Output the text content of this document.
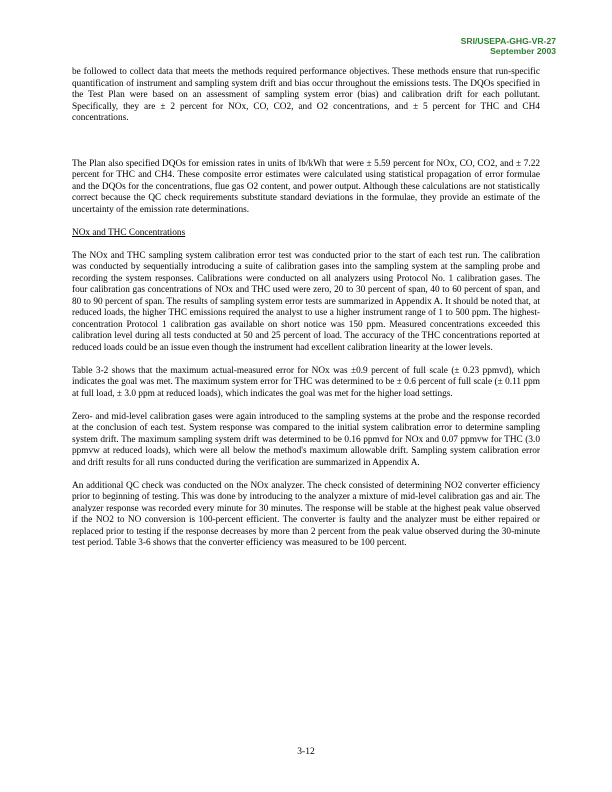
SRI/USEPA-GHG-VR-27
September 2003

be followed to collect data that meets the methods required performance objectives. These methods ensure that run-specific quantification of instrument and sampling system drift and bias occur throughout the emissions tests. The DQOs specified in the Test Plan were based on an assessment of sampling system error (bias) and calibration drift for each pollutant. Specifically, they are ± 2 percent for NOx, CO, CO2, and O2 concentrations, and ± 5 percent for THC and CH4 concentrations.

The Plan also specified DQOs for emission rates in units of lb/kWh that were ± 5.59 percent for NOx, CO, CO2, and ± 7.22 percent for THC and CH4. These composite error estimates were calculated using statistical propagation of error formulae and the DQOs for the concentrations, flue gas O2 content, and power output. Although these calculations are not statistically correct because the QC check requirements substitute standard deviations in the formulae, they provide an estimate of the uncertainty of the emission rate determinations.

NOx and THC Concentrations

The NOx and THC sampling system calibration error test was conducted prior to the start of each test run. The calibration was conducted by sequentially introducing a suite of calibration gases into the sampling system at the sampling probe and recording the system responses. Calibrations were conducted on all analyzers using Protocol No. 1 calibration gases. The four calibration gas concentrations of NOx and THC used were zero, 20 to 30 percent of span, 40 to 60 percent of span, and 80 to 90 percent of span. The results of sampling system error tests are summarized in Appendix A. It should be noted that, at reduced loads, the higher THC emissions required the analyst to use a higher instrument range of 1 to 500 ppm. The highest-concentration Protocol 1 calibration gas available on short notice was 150 ppm. Measured concentrations exceeded this calibration level during all tests conducted at 50 and 25 percent of load. The accuracy of the THC concentrations reported at reduced loads could be an issue even though the instrument had excellent calibration linearity at the lower levels.

Table 3-2 shows that the maximum actual-measured error for NOx was ±0.9 percent of full scale (± 0.23 ppmvd), which indicates the goal was met. The maximum system error for THC was determined to be ± 0.6 percent of full scale (± 0.11 ppm at full load, ± 3.0 ppm at reduced loads), which indicates the goal was met for the higher load settings.

Zero- and mid-level calibration gases were again introduced to the sampling systems at the probe and the response recorded at the conclusion of each test. System response was compared to the initial system calibration error to determine sampling system drift. The maximum sampling system drift was determined to be 0.16 ppmvd for NOx and 0.07 ppmvw for THC (3.0 ppmvw at reduced loads), which were all below the method's maximum allowable drift. Sampling system calibration error and drift results for all runs conducted during the verification are summarized in Appendix A.

An additional QC check was conducted on the NOx analyzer. The check consisted of determining NO2 converter efficiency prior to beginning of testing. This was done by introducing to the analyzer a mixture of mid-level calibration gas and air. The analyzer response was recorded every minute for 30 minutes. The response will be stable at the highest peak value observed if the NO2 to NO conversion is 100-percent efficient. The converter is faulty and the analyzer must be either repaired or replaced prior to testing if the response decreases by more than 2 percent from the peak value observed during the 30-minute test period. Table 3-6 shows that the converter efficiency was measured to be 100 percent.

3-12
